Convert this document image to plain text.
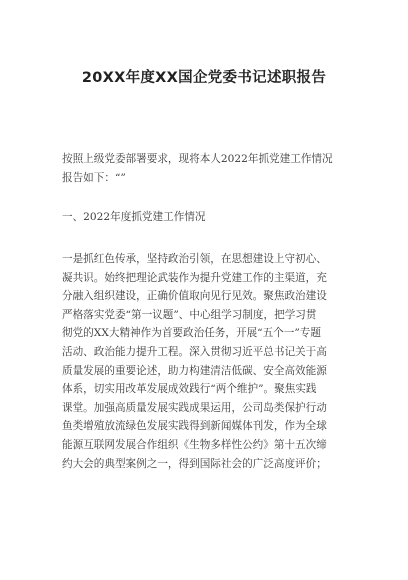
20XX年度XX国企党委书记述职报告
按照上级党委部署要求，现将本人2022年抓党建工作情况
报告如下：“”
一、2022年度抓党建工作情况
一是抓红色传承，坚持政治引领，在思想建设上守初心、
凝共识。始终把理论武装作为提升党建工作的主渠道，充
分融入组织建设，正确价值取向见行见效。聚焦政治建设
严格落实党委“第一议题”、中心组学习制度，把学习贯
彻党的XX大精神作为首要政治任务，开展“五个一”专题
活动、政治能力提升工程。深入贯彻习近平总书记关于高
质量发展的重要论述，助力构建清洁低碳、安全高效能源
体系，切实用改革发展成效践行“两个维护”。聚焦实践
课堂。加强高质量发展实践成果运用，公司岛类保护行动
鱼类增殖放流绿色发展实践得到新闻媒体刊发，作为全球
能源互联网发展合作组织《生物多样性公约》第十五次缔
约大会的典型案例之一，得到国际社会的广泛高度评价；
